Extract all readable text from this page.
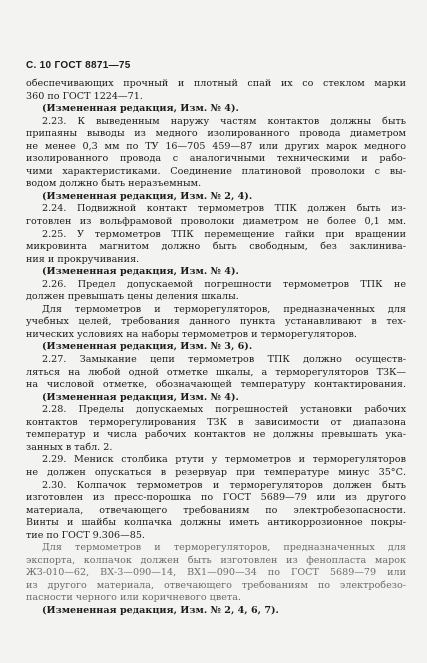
С. 10 ГОСТ 8871—75
обеспечивающих прочный и плотный спай их со стеклом марки
360 по ГОСТ 1224—71.
(Измененная редакция, Изм. № 4).
2.23. К выведенным наружу частям контактов должны быть
припаяны выводы из медного изолированного провода диаметром
не менее 0,3 мм по ТУ 16—705 459—87 или других марок медного
изолированного провода с аналогичными техническими и рабо-
чими характеристиками. Соединение платиновой проволоки с вы-
водом должно быть неразъемным.
(Измененная редакция, Изм. № 2, 4).
2.24. Подвижной контакт термометров ТПК должен быть из-
готовлен из вольфрамовой проволоки диаметром не более 0,1 мм.
2.25. У термометров ТПК перемещение гайки при вращении
микровинта магнитом должно быть свободным, без заклинива-
ния и прокручивания.
(Измененная редакция, Изм. № 4).
2.26. Предел допускаемой погрешности термометров ТПК не
должен превышать цены деления шкалы.
Для термометров и терморегуляторов, предназначенных для
учебных целей, требования данного пункта устанавливают в тех-
нических условиях на наборы термометров и терморегуляторов.
(Измененная редакция, Изм. № 3, 6).
2.27. Замыкание цепи термометров ТПК должно осуществ-
ляться на любой одной отметке шкалы, а терморегуляторов ТЗК—
на числовой отметке, обозначающей температуру контактирования.
(Измененная редакция, Изм. № 4).
2.28. Пределы допускаемых погрешностей установки рабочих
контактов терморегулирования ТЗК в зависимости от диапазона
температур и числа рабочих контактов не должны превышать ука-
занных в табл. 2.
2.29. Мениск столбика ртути у термометров и терморегуляторов
не должен опускаться в резервуар при температуре минус 35°С.
2.30. Колпачок термометров и терморегуляторов должен быть
изготовлен из пресс-порошка по ГОСТ 5689—79 или из другого
материала, отвечающего требованиям по электробезопасности.
Винты и шайбы колпачка должны иметь антикоррозионное покры-
тие по ГОСТ 9.306—85.
Для термометров и терморегуляторов, предназначенных для
экспорта, колпачок должен быть изготовлен из фенопласта марок
ЖЗ-010—62, ВХ-3—090—14, ВХ1—090—34 по ГОСТ 5689—79 или
из другого материала, отвечающего требованиям по электробезо-
пасности черного или коричневого цвета.
(Измененная редакция, Изм. № 2, 4, 6, 7).
